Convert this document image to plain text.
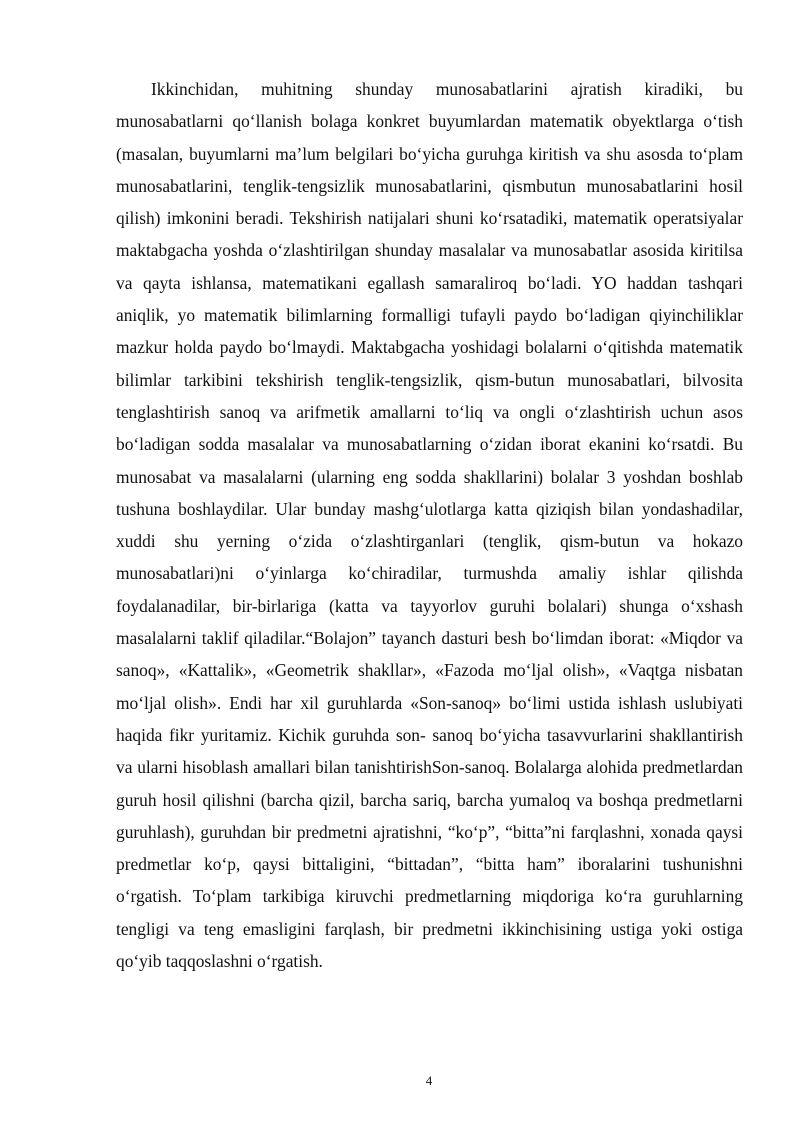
Ikkinchidan, muhitning shunday munosabatlarini ajratish kiradiki, bu munosabatlarni qo‘llanish bolaga konkret buyumlardan matematik obyektlarga o‘tish (masalan, buyumlarni ma’lum belgilari bo‘yicha guruhga kiritish va shu asosda to‘plam munosabatlarini, tenglik-tengsizlik munosabatlarini, qismbutun munosabatlarini hosil qilish) imkonini beradi. Tekshirish natijalari shuni ko‘rsatadiki, matematik operatsiyalar maktabgacha yoshda o‘zlashtirilgan shunday masalalar va munosabatlar asosida kiritilsa va qayta ishlansa, matematikani egallash samaraliroq bo‘ladi. YO haddan tashqari aniqlik, yo matematik bilimlarning formalligi tufayli paydo bo‘ladigan qiyinchiliklar mazkur holda paydo bo‘lmaydi. Maktabgacha yoshidagi bolalarni o‘qitishda matematik bilimlar tarkibini tekshirish tenglik-tengsizlik, qism-butun munosabatlari, bilvosita tenglashtirish sanoq va arifmetik amallarni to‘liq va ongli o‘zlashtirish uchun asos bo‘ladigan sodda masalalar va munosabatlarning o‘zidan iborat ekanini ko‘rsatdi. Bu munosabat va masalalarni (ularning eng sodda shakllarini) bolalar 3 yoshdan boshlab tushuna boshlaydilar. Ular bunday mashg‘ulotlarga katta qiziqish bilan yondashadilar, xuddi shu yerning o‘zida o‘zlashtirganlari (tenglik, qism-butun va hokazo munosabatlari)ni o‘yinlarga ko‘chiradilar, turmushda amaliy ishlar qilishda foydalanadilar, bir-birlariga (katta va tayyorlov guruhi bolalari) shunga o‘xshash masalalarni taklif qiladilar.“Bolajon” tayanch dasturi besh bo‘limdan iborat: «Miqdor va sanoq», «Kattalik», «Geometrik shakllar», «Fazoda mo‘ljal olish», «Vaqtga nisbatan mo‘ljal olish». Endi har xil guruhlarda «Son-sanoq» bo‘limi ustida ishlash uslubiyati haqida fikr yuritamiz. Kichik guruhda son- sanoq bo‘yicha tasavvurlarini shakllantirish va ularni hisoblash amallari bilan tanishtirishSon-sanoq. Bolalarga alohida predmetlardan guruh hosil qilishni (barcha qizil, barcha sariq, barcha yumaloq va boshqa predmetlarni guruhlash), guruhdan bir predmetni ajratishni, “ko‘p”, “bitta”ni farqlashni, xonada qaysi predmetlar ko‘p, qaysi bittaligini, “bittadan”, “bitta ham” iboralarini tushunishni o‘rgatish. To‘plam tarkibiga kiruvchi predmetlarning miqdoriga ko‘ra guruhlarning tengligi va teng emasligini farqlash, bir predmetni ikkinchisining ustiga yoki ostiga qo‘yib taqqoslashni o‘rgatish.

4
